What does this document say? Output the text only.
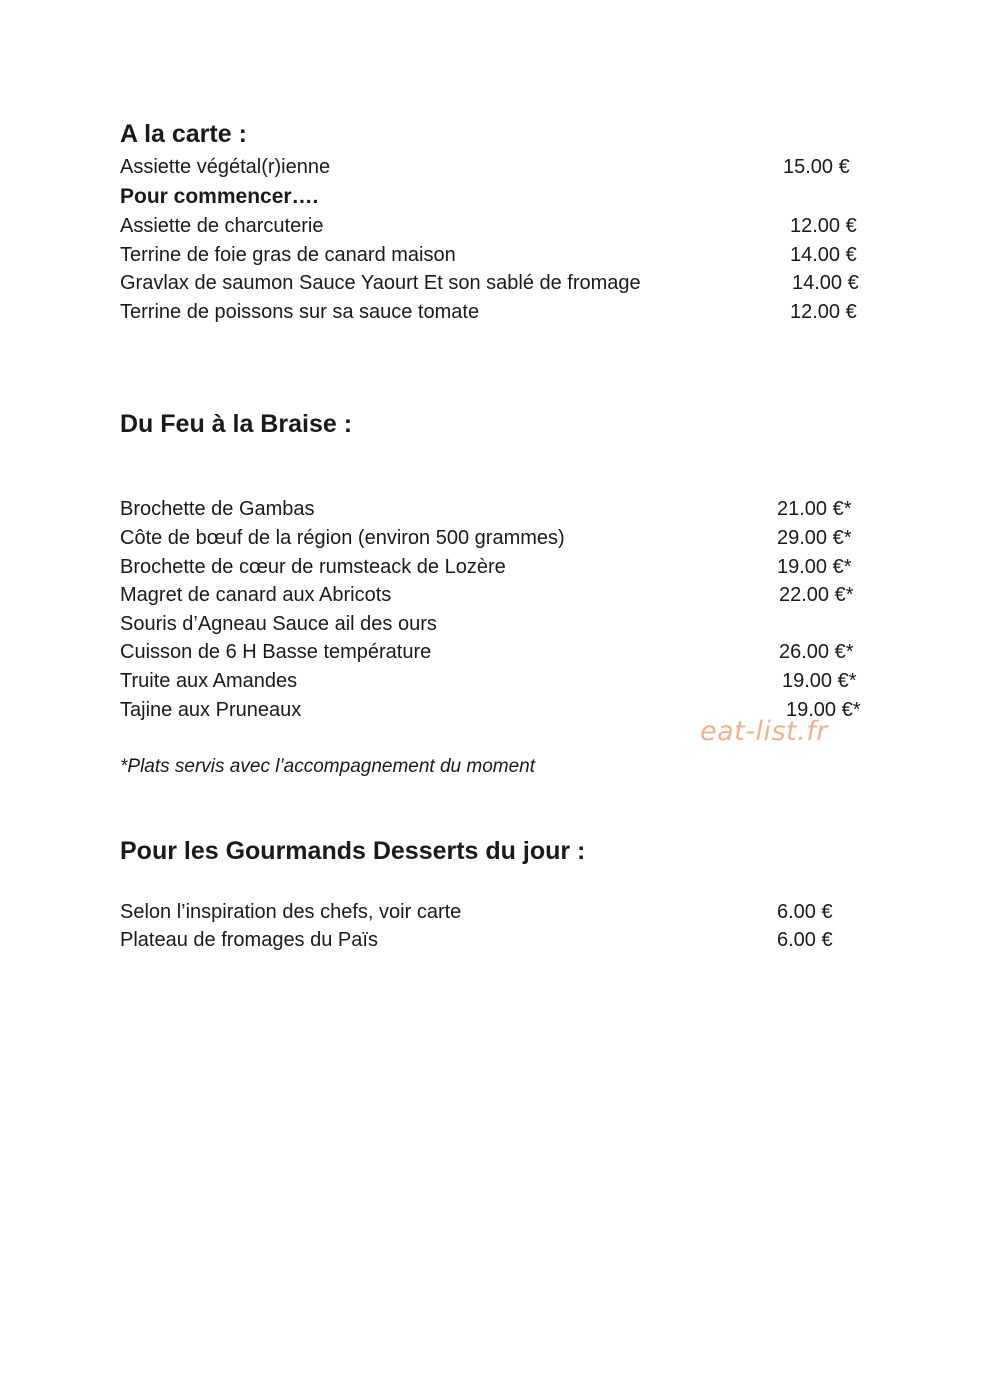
A la carte :
Assiette végétal(r)ienne	15.00 €
Pour commencer….
Assiette de charcuterie	12.00 €
Terrine de foie gras de canard maison	14.00 €
Gravlax de saumon Sauce Yaourt Et son sablé de fromage	14.00 €
Terrine de poissons sur sa sauce tomate	12.00 €
Du Feu à la Braise :
Brochette de Gambas	21.00 €*
Côte de bœuf de la région (environ 500 grammes)	29.00 €*
Brochette de cœur de rumsteack de Lozère	19.00 €*
Magret de canard aux Abricots	22.00 €*
Souris d’Agneau Sauce ail des ours
Cuisson de 6 H Basse température	26.00 €*
Truite aux Amandes	19.00 €*
Tajine aux Pruneaux	19.00 €*
eat-list.fr
*Plats servis avec l’accompagnement du moment
Pour les Gourmands Desserts du jour :
Selon l’inspiration des chefs, voir carte	6.00 €
Plateau de fromages du Païs	6.00 €
